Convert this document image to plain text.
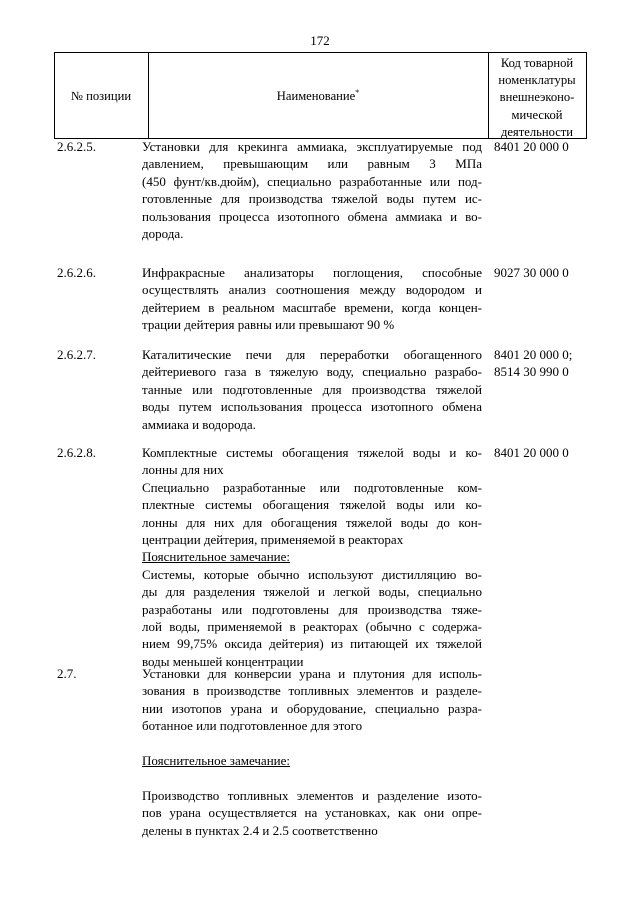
172
№ позиции	Наименование*
Код товарной
номенклатуры
внешнеэконо-
мической
деятельности
2.6.2.5.	Установки для крекинга аммиака, эксплуатируемые под
давлением, превышающим или равным 3 МПа
(450 фунт/кв.дюйм), специально разработанные или под-
готовленные для производства тяжелой воды путем ис-
пользования процесса изотопного обмена аммиака и во-
дорода.
8401 20 000 0
2.6.2.6.	Инфракрасные анализаторы поглощения, способные
осуществлять анализ соотношения между водородом и
дейтерием в реальном масштабе времени, когда концен-
трации дейтерия равны или превышают 90 %
9027 30 000 0
2.6.2.7.	Каталитические печи для переработки обогащенного
дейтериевого газа в тяжелую воду, специально разрабо-
танные или подготовленные для производства тяжелой
воды путем использования процесса изотопного обмена
аммиака и водорода.
8401 20 000 0;
8514 30 990 0
2.6.2.8.	Комплектные системы обогащения тяжелой воды и ко-
лонны для них
Специально разработанные или подготовленные ком-
плектные системы обогащения тяжелой воды или ко-
лонны для них для обогащения тяжелой воды до кон-
центрации дейтерия, применяемой в реакторах
Пояснительное замечание:
Системы, которые обычно используют дистилляцию во-
ды для разделения тяжелой и легкой воды, специально
разработаны или подготовлены для производства тяже-
лой воды, применяемой в реакторах (обычно с содержа-
нием 99,75% оксида дейтерия) из питающей их тяжелой
воды меньшей концентрации
8401 20 000 0
2.7.	Установки для конверсии урана и плутония для исполь-
зования в производстве топливных элементов и разделе-
нии изотопов урана и оборудование, специально разра-
ботанное или подготовленное для этого
Пояснительное замечание:
Производство топливных элементов и разделение изото-
пов урана осуществляется на установках, как они опре-
делены в пунктах 2.4 и 2.5 соответственно
